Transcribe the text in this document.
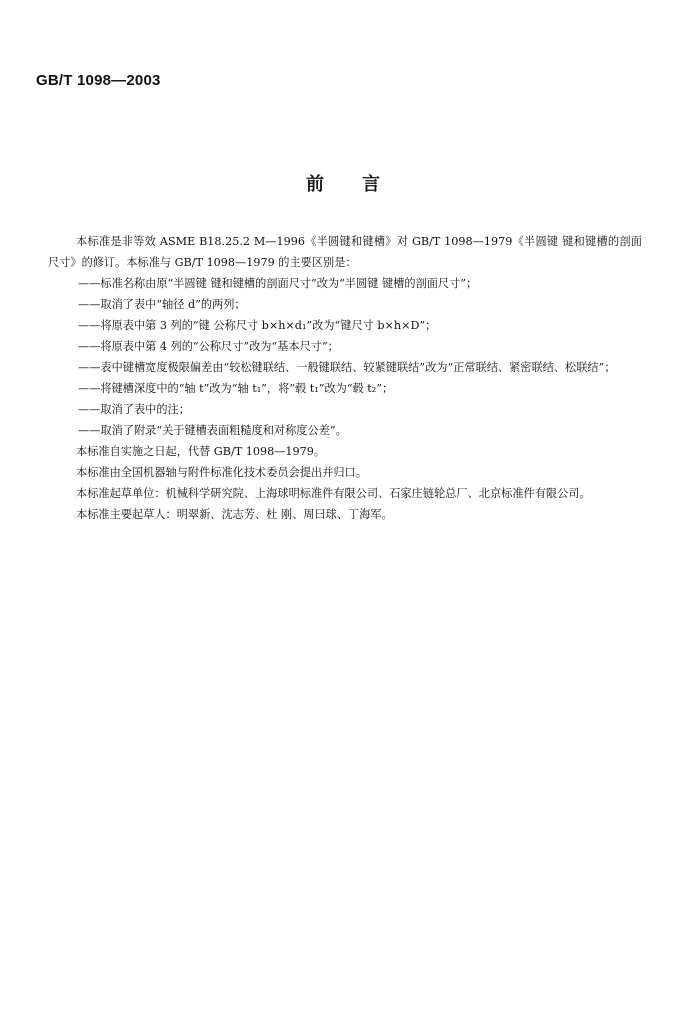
GB/T 1098—2003
前言

本标准是非等效 ASME B18.25.2 M—1996《半圆键和键槽》对 GB/T 1098—1979《半圆键 键和键槽的剖面尺寸》的修订。本标准与 GB/T 1098—1979 的主要区别是：

——标准名称由原“半圆键 键和键槽的剖面尺寸”改为“半圆键 键槽的剖面尺寸”；

——取消了表中“轴径 d”的两列；

——将原表中第 3 列的“键 公称尺寸 b×h×d₁”改为“键尺寸 b×h×D”；

——将原表中第 4 列的“公称尺寸”改为“基本尺寸”；

——表中键槽宽度极限偏差由“较松键联结、一般键联结、较紧键联结”改为“正常联结、紧密联结、松联结”；

——将键槽深度中的“轴 t”改为“轴 t₁”，将“毂 t₁”改为“毂 t₂”；

——取消了表中的注；

——取消了附录“关于键槽表面粗糙度和对称度公差”。

本标准自实施之日起，代替 GB/T 1098—1979。

本标准由全国机器轴与附件标准化技术委员会提出并归口。

本标准起草单位：机械科学研究院、上海球明标准件有限公司、石家庄链轮总厂、北京标准件有限公司。

本标准主要起草人：明翠新、沈志芳、杜 刚、周曰球、丁海军。
